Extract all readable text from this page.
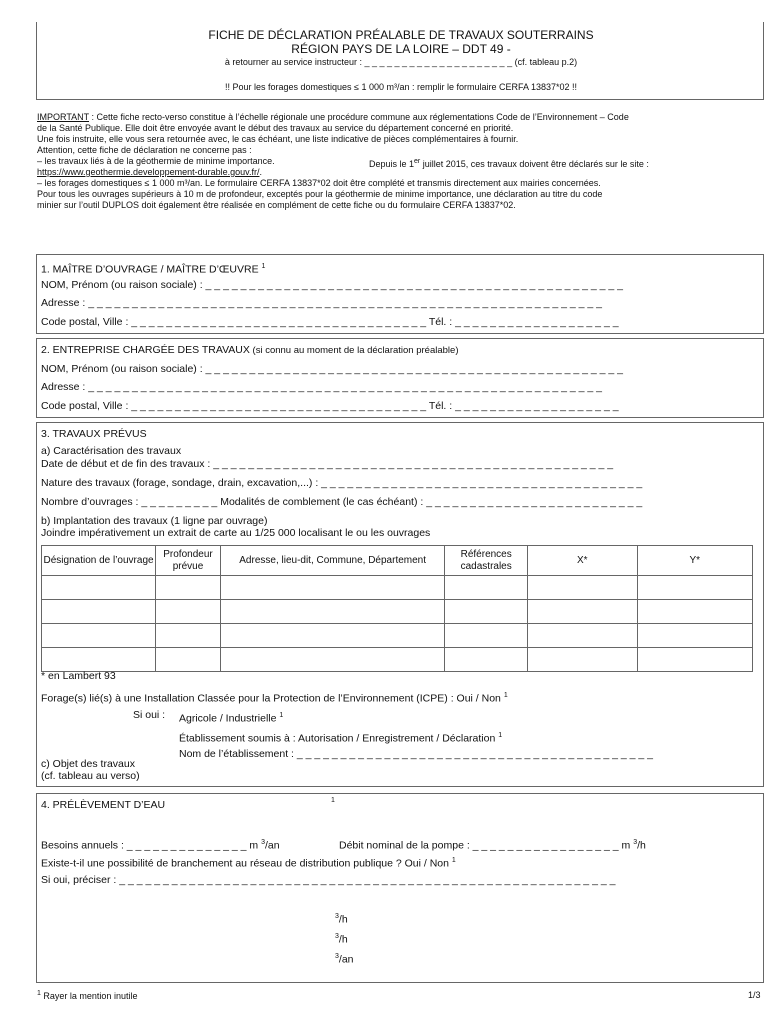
FICHE DE DÉCLARATION PRÉALABLE DE TRAVAUX SOUTERRAINS
RÉGION PAYS DE LA LOIRE – DDT 49 -
à retourner au service instructeur : _ _ _ _ _ _ _ _ _ _ _ _ _ _ _ _ _ _ _ _ (cf. tableau p.2)
!! Pour les forages domestiques ≤ 1 000 m³/an : remplir le formulaire CERFA 13837*02 !!
IMPORTANT : Cette fiche recto-verso constitue à l’échelle régionale une procédure commune aux réglementations Code de l’Environnement – Code
de la Santé Publique. Elle doit être envoyée avant le début des travaux au service du département concerné en priorité.
Une fois instruite, elle vous sera retournée avec, le cas échéant, une liste indicative de pièces complémentaires à fournir.
Attention, cette fiche de déclaration ne concerne pas :
– les travaux liés à de la géothermie de minime importance.	Depuis le 1er juillet 2015, ces travaux doivent être déclarés sur le site :
https://www.geothermie.developpement-durable.gouv.fr/.
– les forages domestiques ≤ 1 000 m³/an. Le formulaire CERFA 13837*02 doit être complété et transmis directement aux mairies concernées.
Pour tous les ouvrages supérieurs à 10 m de profondeur, exceptés pour la géothermie de minime importance, une déclaration au titre du code
minier sur l’outil DUPLOS doit également être réalisée en complément de cette fiche ou du formulaire CERFA 13837*02.
1. MAÎTRE D’OUVRAGE / MAÎTRE D’ŒUVRE $^1$
NOM, Prénom (ou raison sociale) : _ _ _ _ _ _ _ _ _ _ _ _ _ _ _ _ _ _ _ _ _ _ _ _ _ _ _ _ _ _ _ _ _ _ _ _ _ _ _ _ _ _ _ _ _ _ _ _
Adresse : _ _ _ _ _ _ _ _ _ _ _ _ _ _ _ _ _ _ _ _ _ _ _ _ _ _ _ _ _ _ _ _ _ _ _ _ _ _ _ _ _ _ _ _ _ _ _ _ _ _ _ _ _ _ _ _ _ _ _
Code postal, Ville : _ _ _ _ _ _ _ _ _ _ _ _ _ _ _ _ _ _ _ _ _ _ _ _ _ _ _ _ _ _ _ _ _ _ Tél. : _ _ _ _ _ _ _ _ _ _ _ _ _ _ _ _ _ _ _
2. ENTREPRISE CHARGÉE DES TRAVAUX (si connu au moment de la déclaration préalable)
NOM, Prénom (ou raison sociale) : _ _ _ _ _ _ _ _ _ _ _ _ _ _ _ _ _ _ _ _ _ _ _ _ _ _ _ _ _ _ _ _ _ _ _ _ _ _ _ _ _ _ _ _ _ _ _ _
Adresse : _ _ _ _ _ _ _ _ _ _ _ _ _ _ _ _ _ _ _ _ _ _ _ _ _ _ _ _ _ _ _ _ _ _ _ _ _ _ _ _ _ _ _ _ _ _ _ _ _ _ _ _ _ _ _ _ _ _ _
Code postal, Ville : _ _ _ _ _ _ _ _ _ _ _ _ _ _ _ _ _ _ _ _ _ _ _ _ _ _ _ _ _ _ _ _ _ _ Tél. : _ _ _ _ _ _ _ _ _ _ _ _ _ _ _ _ _ _ _
3. TRAVAUX PRÉVUS
a) Caractérisation des travaux
Date de début et de fin des travaux : _ _ _ _ _ _ _ _ _ _ _ _ _ _ _ _ _ _ _ _ _ _ _ _ _ _ _ _ _ _ _ _ _ _ _ _ _ _ _ _ _ _ _ _ _ _
Nature des travaux (forage, sondage, drain, excavation,...) : _ _ _ _ _ _ _ _ _ _ _ _ _ _ _ _ _ _ _ _ _ _ _ _ _ _ _ _ _ _ _ _ _ _ _ _ _
Nombre d’ouvrages : _ _ _ _ _ _ _ _ _ Modalités de comblement (le cas échéant) : _ _ _ _ _ _ _ _ _ _ _ _ _ _ _ _ _ _ _ _ _ _ _ _ _
b) Implantation des travaux (1 ligne par ouvrage)
Joindre impérativement un extrait de carte au 1/25 000 localisant le ou les ouvrages
Désignation de l’ouvrage	Profondeur prévue	Adresse, lieu-dit, Commune, Département	Références cadastrales	X*	Y*

* en Lambert 93
Forage(s) lié(s) à une Installation Classée pour la Protection de l’Environnement (ICPE) : Oui / Non $^1$
Si oui : Agricole / Industrielle $^1$
Établissement soumis à : Autorisation / Enregistrement / Déclaration $^1$
Nom de l’établissement : _ _ _ _ _ _ _ _ _ _ _ _ _ _ _ _ _ _ _ _ _ _ _ _ _ _ _ _ _ _ _ _ _ _ _ _ _ _ _ _ _
c) Objet des travaux
(cf. tableau au verso)
4. PRÉLÈVEMENT D’EAU	1
Besoins annuels : _ _ _ _ _ _ _ _ _ _ _ _ _ _ m $^3$/an	Débit nominal de la pompe : _ _ _ _ _ _ _ _ _ _ _ _ _ _ _ _ _ m $^3$/h
Existe-t-il une possibilité de branchement au réseau de distribution publique ? Oui / Non $^1$
Si oui, préciser : _ _ _ _ _ _ _ _ _ _ _ _ _ _ _ _ _ _ _ _ _ _ _ _ _ _ _ _ _ _ _ _ _ _ _ _ _ _ _ _ _ _ _ _ _ _ _ _ _ _ _ _ _ _ _ _ _
$^3$/h
$^3$/h
$^3$/an
$^1$ Rayer la mention inutile	1/3
